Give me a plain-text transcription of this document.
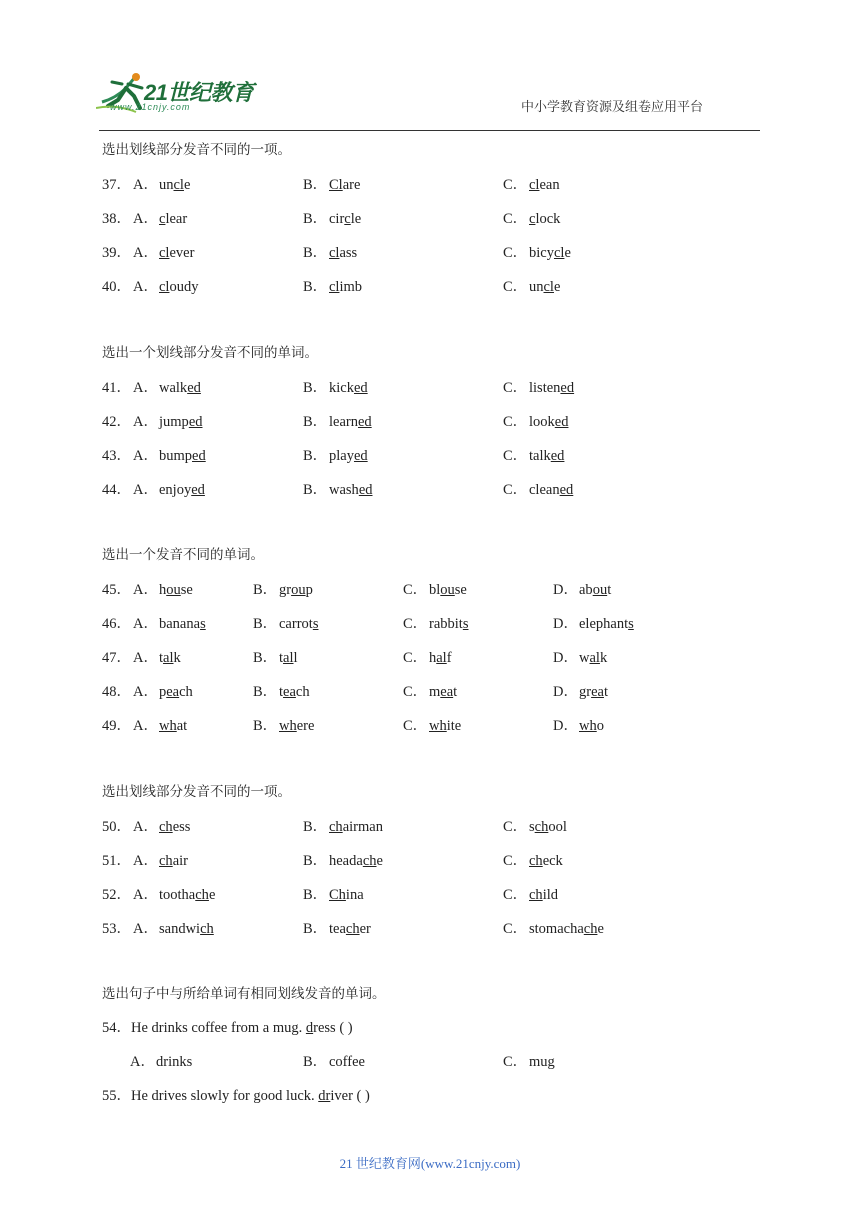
21世纪教育
www.21cnjy.com	中小学教育资源及组卷应用平台
选出划线部分发音不同的一项。
37． A．uncle	B． Clare	C． clean
38． A．clear	B． circle	C． clock
39． A．clever	B． class	C． bicycle
40． A．cloudy	B． climb	C． uncle
选出一个划线部分发音不同的单词。
41． A．walked	B． kicked	C． listened
42． A．jumped	B． learned	C． looked
43． A．bumped	B． played	C． talked
44． A．enjoyed	B． washed	C． cleaned
选出一个发音不同的单词。
45． A．house	B． group	C． blouse	D．about
46． A．bananas	B． carrots	C． rabbits	D．elephants
47． A．talk	B． tall	C． half	D．walk
48． A．peach	B． teach	C． meat	D．great
49． A．what	B． where	C． white	D．who
选出划线部分发音不同的一项。
50． A．chess	B． chairman	C． school
51． A．chair	B． headache	C． check
52． A．toothache	B． China	C． child
53． A．sandwich	B． teacher	C． stomachache
选出句子中与所给单词有相同划线发音的单词。
54．He drinks coffee from a mug. dress ( )
A．drinks	B． coffee	C． mug
55．He drives slowly for good luck. driver ( )
21 世纪教育网(www.21cnjy.com)
